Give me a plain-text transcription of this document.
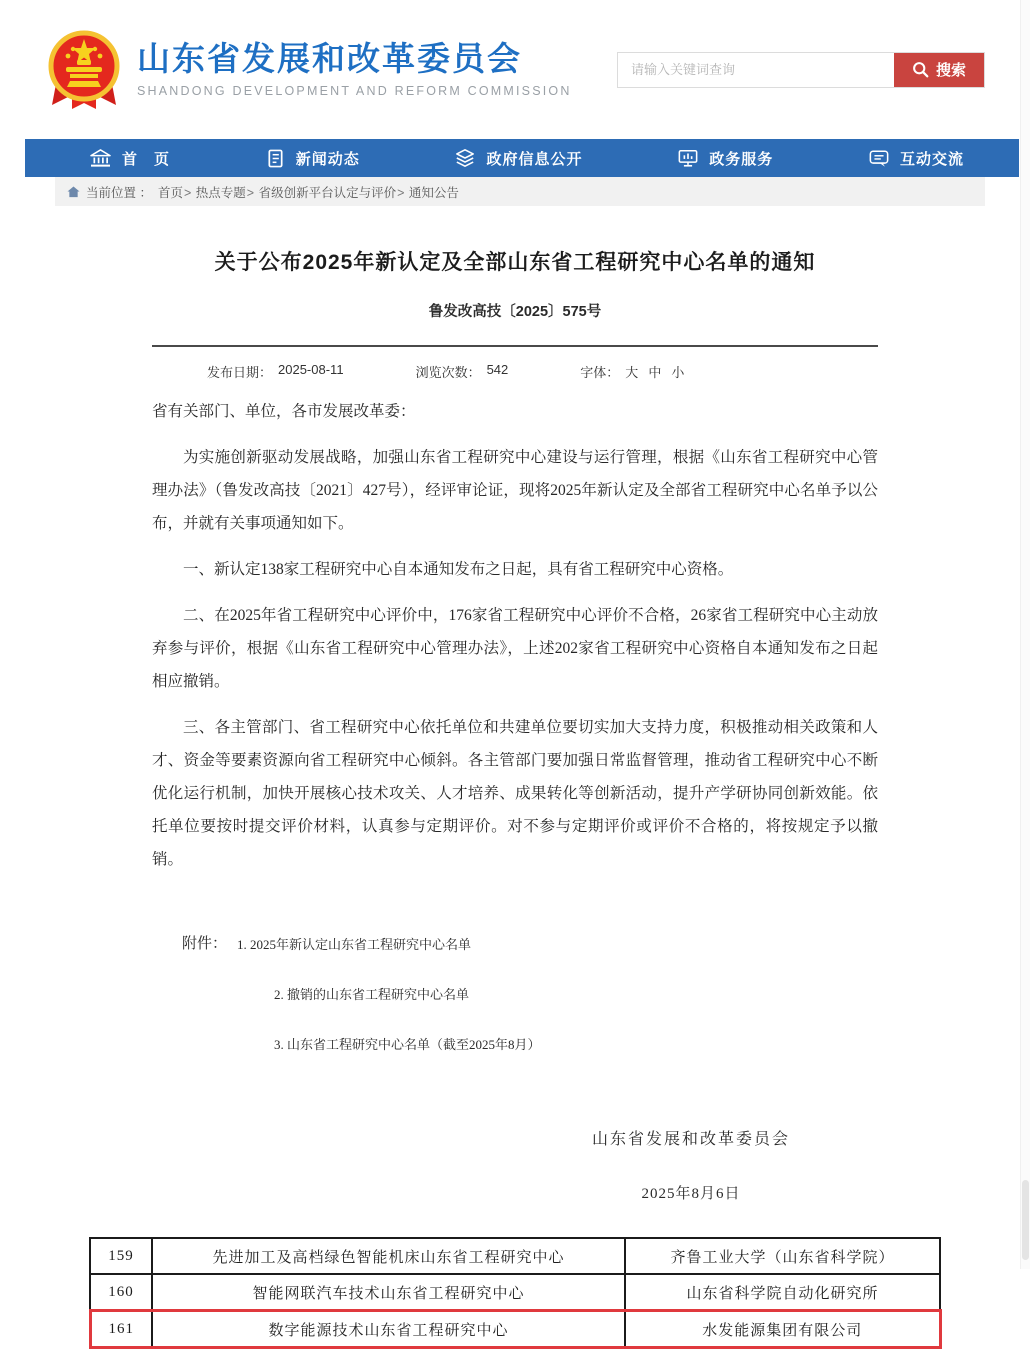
山东省发展和改革委员会
SHANDONG DEVELOPMENT AND REFORM COMMISSION
请输入关键词查询
搜索
首　页	新闻动态	政府信息公开	政务服务	互动交流
当前位置 ： 首页> 热点专题> 省级创新平台认定与评价> 通知公告
关于公布2025年新认定及全部山东省工程研究中心名单的通知
鲁发改高技〔2025〕575号
发布日期： 2025-08-11	浏览次数： 542	字体： 大 中 小

省有关部门、单位，各市发展改革委：

为实施创新驱动发展战略，加强山东省工程研究中心建设与运行管理，根据《山东省工程研究中心管理办法》（鲁发改高技〔2021〕427号），经评审论证，现将2025年新认定及全部省工程研究中心名单予以公布，并就有关事项通知如下。

一、新认定138家工程研究中心自本通知发布之日起，具有省工程研究中心资格。

二、在2025年省工程研究中心评价中，176家省工程研究中心评价不合格，26家省工程研究中心主动放弃参与评价，根据《山东省工程研究中心管理办法》，上述202家省工程研究中心资格自本通知发布之日起相应撤销。

三、各主管部门、省工程研究中心依托单位和共建单位要切实加大支持力度，积极推动相关政策和人才、资金等要素资源向省工程研究中心倾斜。各主管部门要加强日常监督管理，推动省工程研究中心不断优化运行机制，加快开展核心技术攻关、人才培养、成果转化等创新活动，提升产学研协同创新效能。依托单位要按时提交评价材料，认真参与定期评价。对不参与定期评价或评价不合格的，将按规定予以撤销。

附件： 1. 2025年新认定山东省工程研究中心名单
2. 撤销的山东省工程研究中心名单
3. 山东省工程研究中心名单（截至2025年8月）
山东省发展和改革委员会
2025年8月6日
159	先进加工及高档绿色智能机床山东省工程研究中心	齐鲁工业大学（山东省科学院）
160	智能网联汽车技术山东省工程研究中心	山东省科学院自动化研究所
161	数字能源技术山东省工程研究中心	水发能源集团有限公司
